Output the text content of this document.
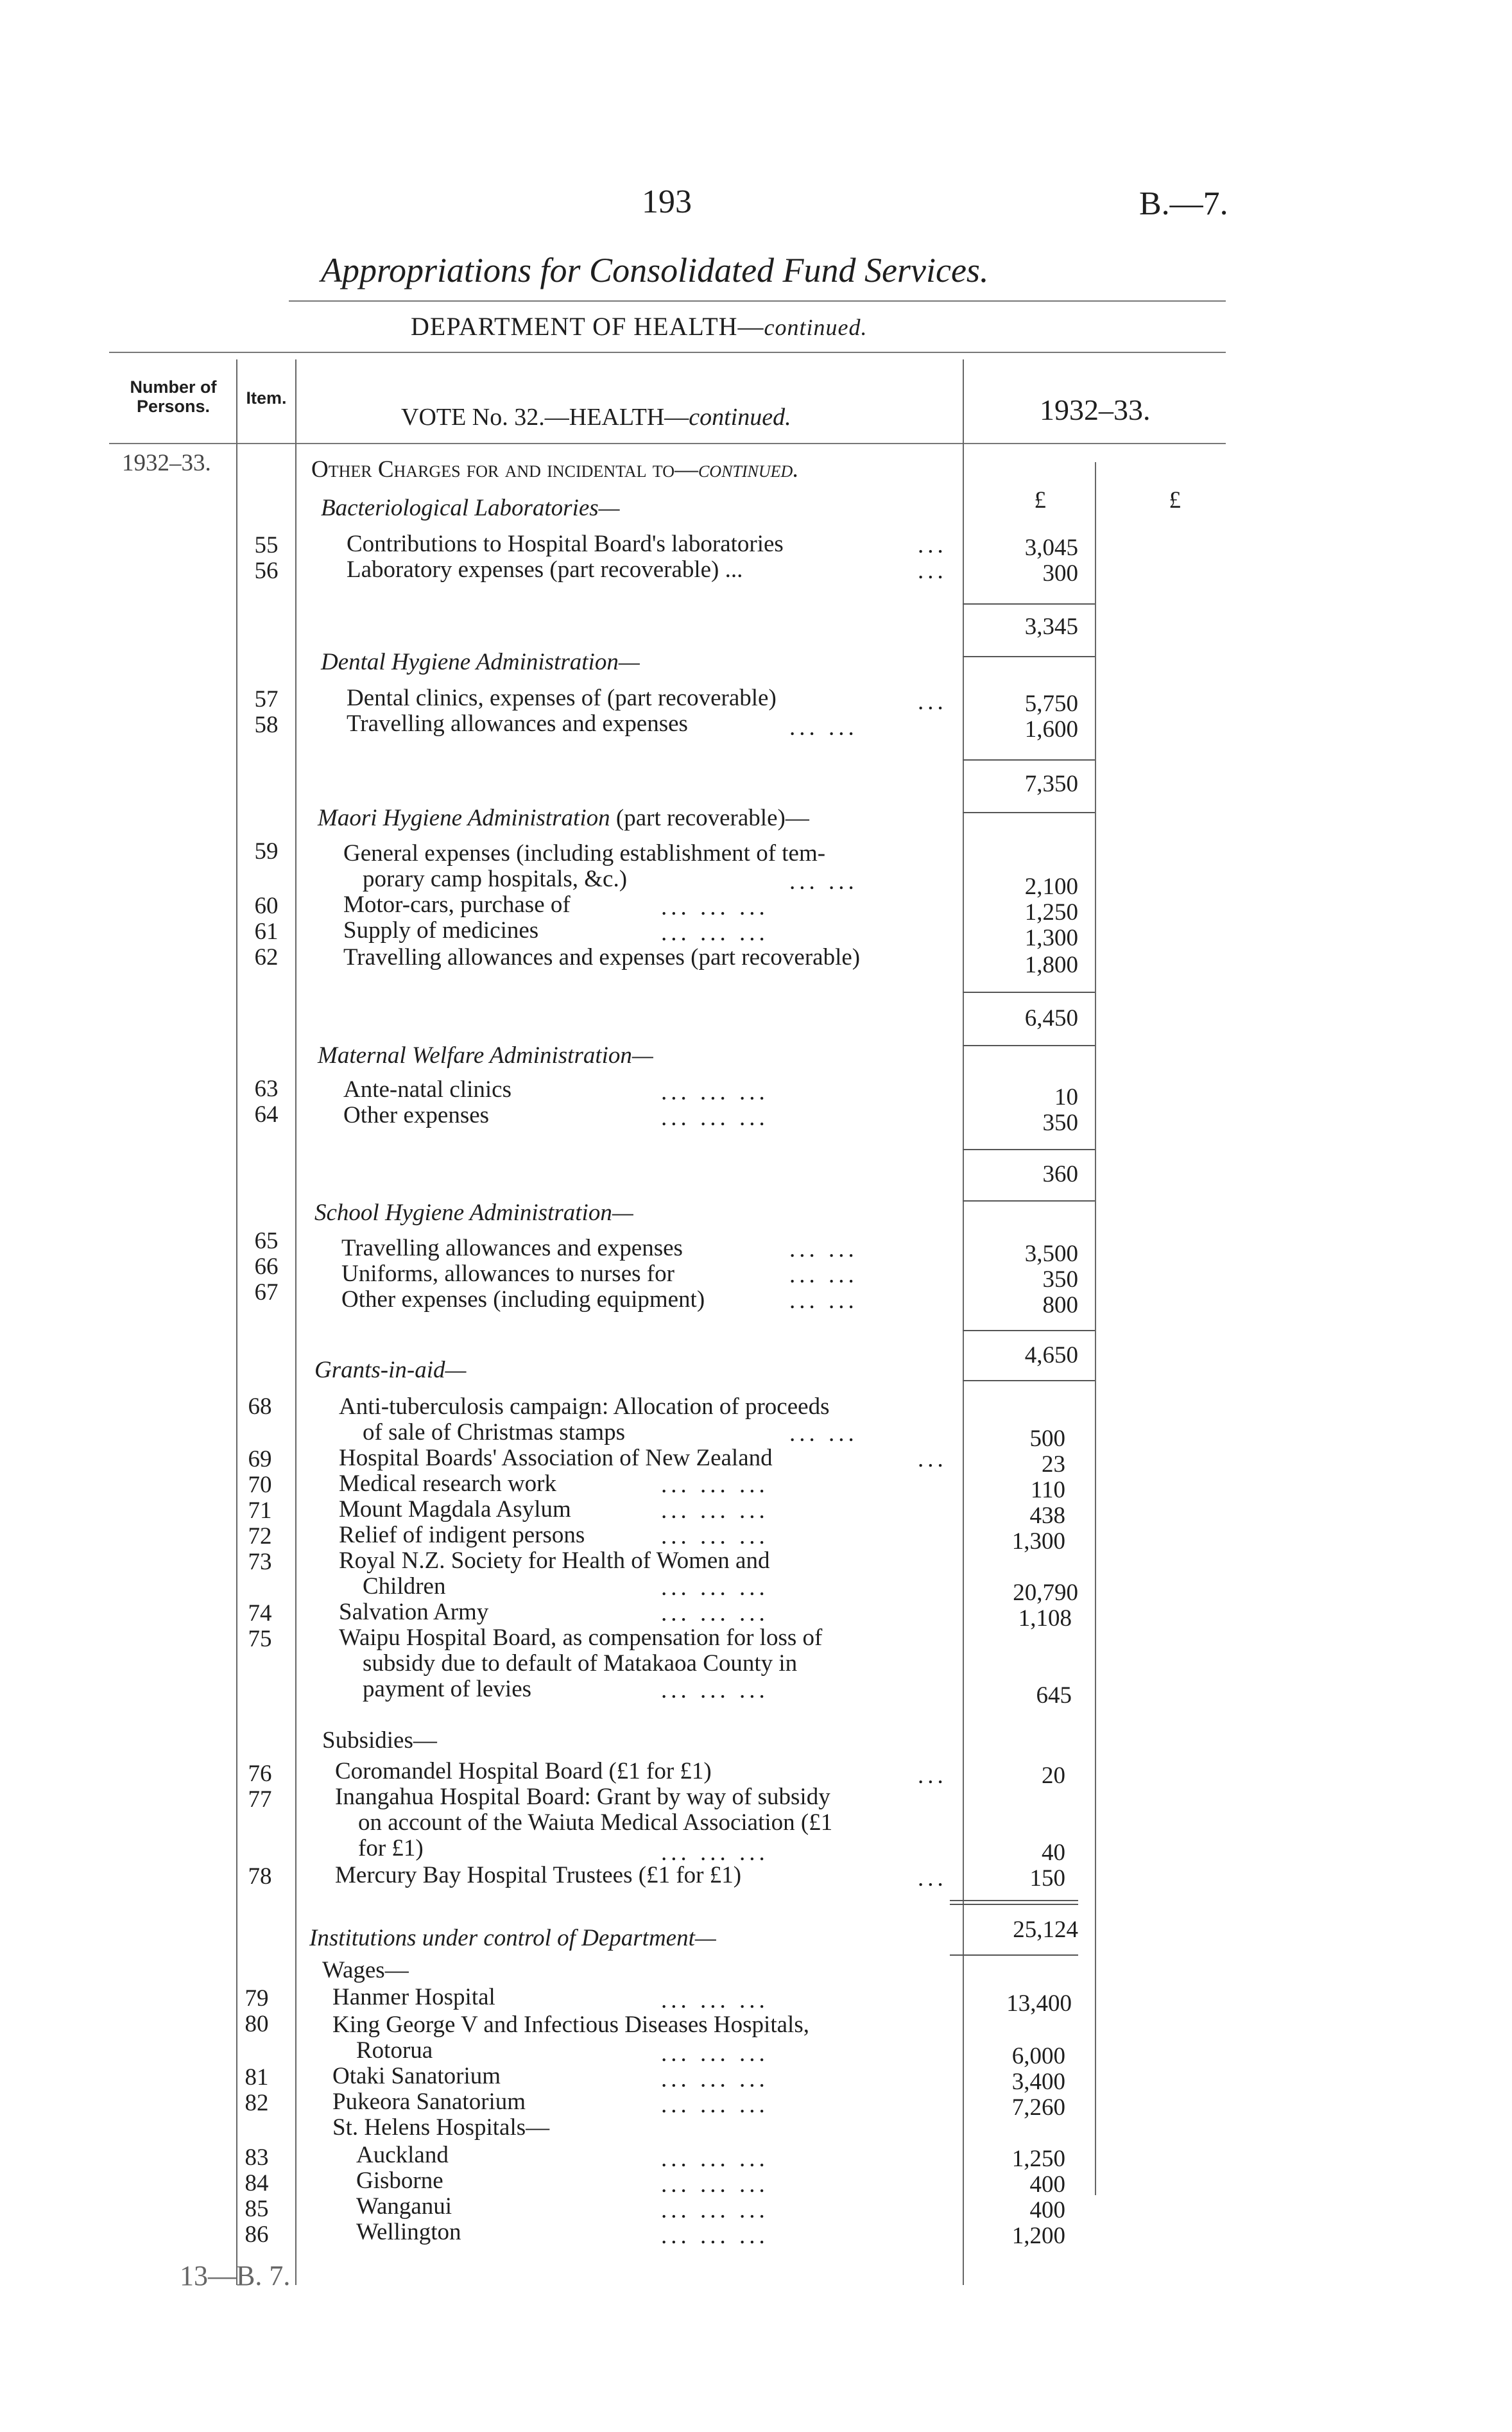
193	B.—7.
Appropriations for Consolidated Fund Services.
DEPARTMENT OF HEALTH—continued.
Number of Persons.	Item.
VOTE No. 32.—HEALTH—continued.	1932–33.
1932–33.	Other Charges for and incidental to—continued.
£	£
Bacteriological Laboratories—
55	Contributions to Hospital Board's laboratories	...	3,045
56	Laboratory expenses (part recoverable) ...	...	300
3,345
Dental Hygiene Administration—
57	Dental clinics, expenses of (part recoverable)	...	5,750
58	Travelling allowances and expenses	... ...	1,600
7,350
Maori Hygiene Administration (part recoverable)—
59	General expenses (including establishment of tem-
porary camp hospitals, &c.)	... ...	2,100
60	Motor-cars, purchase of	... ... ...	1,250
61	Supply of medicines	... ... ...	1,300
62	Travelling allowances and expenses (part recoverable)	1,800
6,450
Maternal Welfare Administration—
63	Ante-natal clinics	... ... ...	10
64	Other expenses	... ... ...	350
360
School Hygiene Administration—
65	Travelling allowances and expenses	... ...	3,500
66	Uniforms, allowances to nurses for	... ...	350
67	Other expenses (including equipment)	... ...	800
4,650
Grants-in-aid—
68	Anti-tuberculosis campaign: Allocation of proceeds
of sale of Christmas stamps	... ...	500
69	Hospital Boards' Association of New Zealand	...	23
70	Medical research work	... ... ...	110
71	Mount Magdala Asylum	... ... ...	438
72	Relief of indigent persons	... ... ...	1,300
73	Royal N.Z. Society for Health of Women and
Children	... ... ...	20,790
74	Salvation Army	... ... ...	1,108
75	Waipu Hospital Board, as compensation for loss of
subsidy due to default of Matakaoa County in
payment of levies	... ... ...	645
Subsidies—
76	Coromandel Hospital Board (£1 for £1)	...	20
77	Inangahua Hospital Board: Grant by way of subsidy
on account of the Waiuta Medical Association (£1
for £1)	... ... ...	40
78	Mercury Bay Hospital Trustees (£1 for £1)	...	150
25,124
Institutions under control of Department—
Wages—
79	Hanmer Hospital	... ... ...	13,400
80	King George V and Infectious Diseases Hospitals,
Rotorua	... ... ...	6,000
81	Otaki Sanatorium	... ... ...	3,400
82	Pukeora Sanatorium	... ... ...	7,260
St. Helens Hospitals—
83	Auckland	... ... ...	1,250
84	Gisborne	... ... ...	400
85	Wanganui	... ... ...	400
86	Wellington	... ... ...	1,200
13—B. 7.
